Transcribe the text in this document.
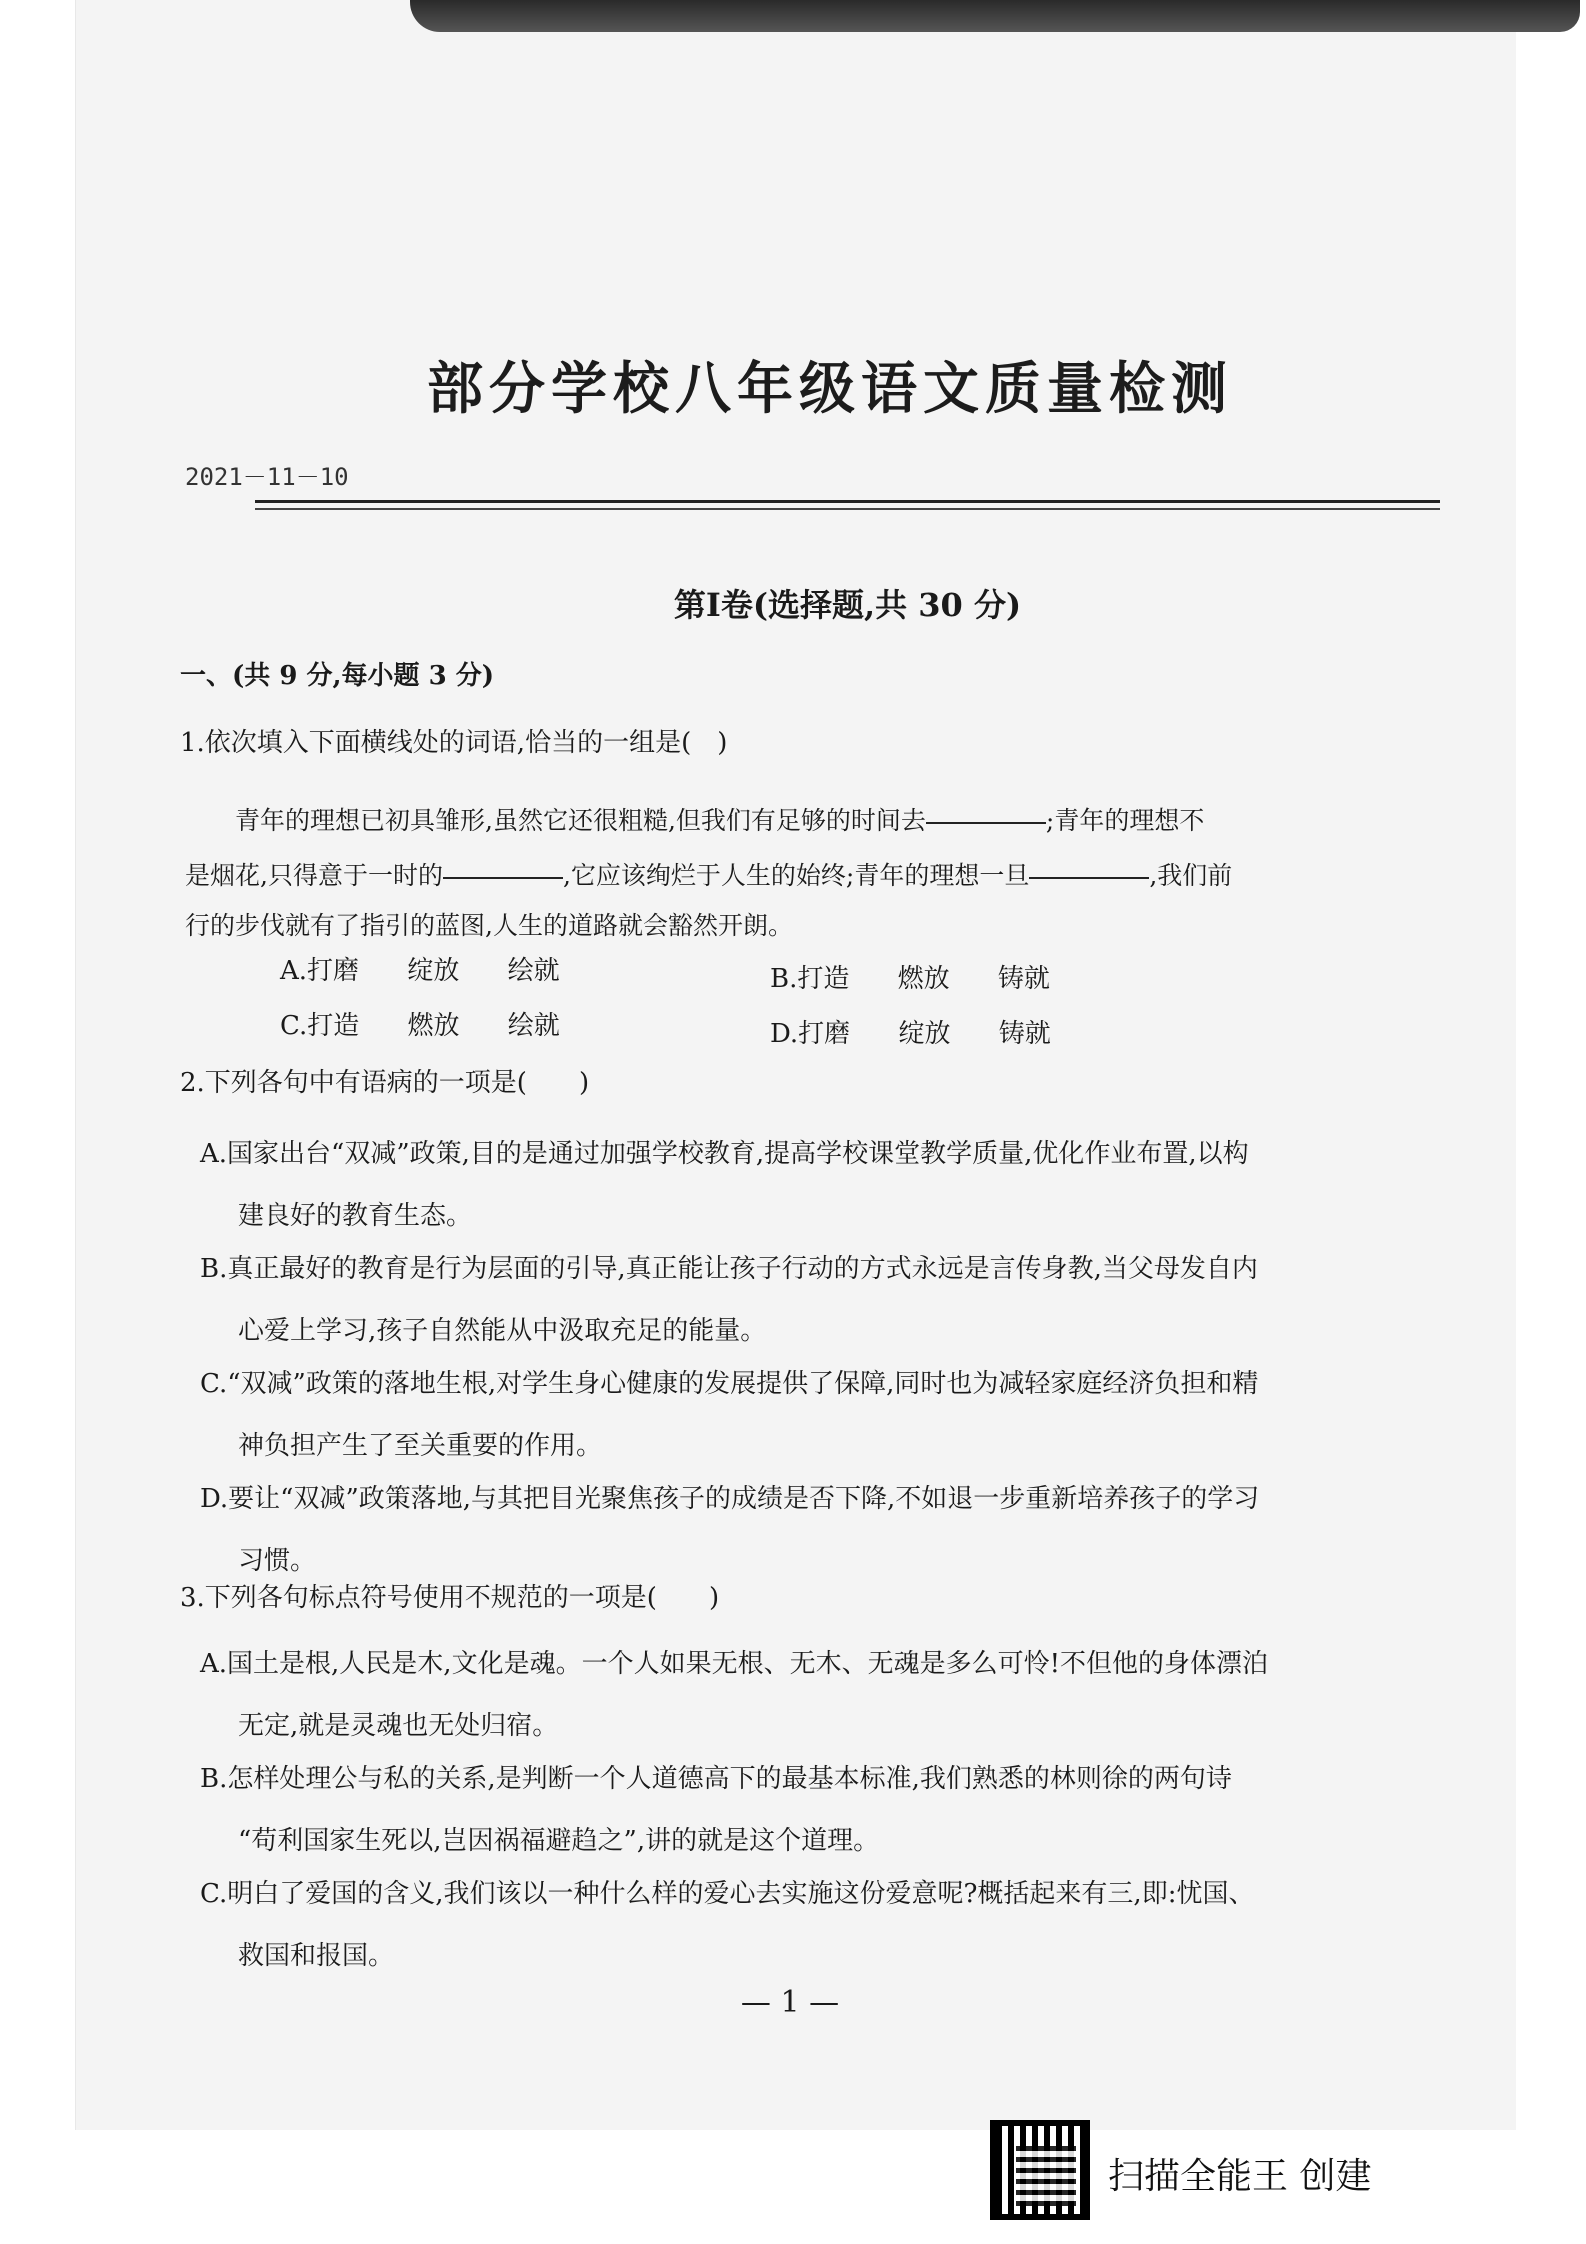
部分学校八年级语文质量检测
2021－11－10
第Ⅰ卷(选择题,共 30 分)
一、(共 9 分,每小题 3 分)
1.依次填入下面横线处的词语,恰当的一组是(　)
青年的理想已初具雏形,虽然它还很粗糙,但我们有足够的时间去	;青年的理想不
是烟花,只得意于一时的	,它应该绚烂于人生的始终;青年的理想一旦	,我们前
行的步伐就有了指引的蓝图,人生的道路就会豁然开朗。
A.打磨 绽放 绘就	B.打造 燃放 铸就
C.打造 燃放 绘就	D.打磨 绽放 铸就
2.下列各句中有语病的一项是(　　)
A.国家出台“双减”政策,目的是通过加强学校教育,提高学校课堂教学质量,优化作业布置,以构
建良好的教育生态。
B.真正最好的教育是行为层面的引导,真正能让孩子行动的方式永远是言传身教,当父母发自内
心爱上学习,孩子自然能从中汲取充足的能量。
C.“双减”政策的落地生根,对学生身心健康的发展提供了保障,同时也为减轻家庭经济负担和精
神负担产生了至关重要的作用。
D.要让“双减”政策落地,与其把目光聚焦孩子的成绩是否下降,不如退一步重新培养孩子的学习
习惯。
3.下列各句标点符号使用不规范的一项是(　　)
A.国土是根,人民是木,文化是魂。一个人如果无根、无木、无魂是多么可怜!不但他的身体漂泊
无定,就是灵魂也无处归宿。
B.怎样处理公与私的关系,是判断一个人道德高下的最基本标准,我们熟悉的林则徐的两句诗
“苟利国家生死以,岂因祸福避趋之”,讲的就是这个道理。
C.明白了爱国的含义,我们该以一种什么样的爱心去实施这份爱意呢?概括起来有三,即:忧国、
救国和报国。
— 1 —
扫描全能王 创建
